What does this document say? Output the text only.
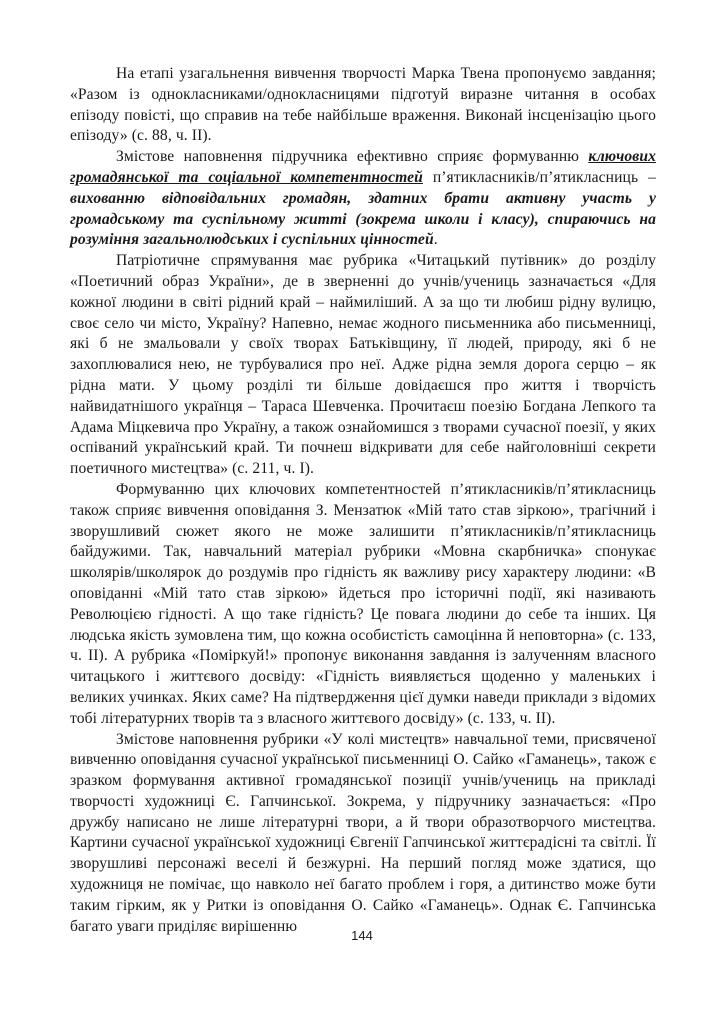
На етапі узагальнення вивчення творчості Марка Твена пропонуємо завдання; «Разом із однокласниками/однокласницями підготуй виразне читання в особах епізоду повісті, що справив на тебе найбільше враження. Виконай інсценізацію цього епізоду» (с. 88, ч. ІІ).

Змістове наповнення підручника ефективно сприяє формуванню ключових громадянської та соціальної компетентностей п’ятикласників/п’ятикласниць – вихованню відповідальних громадян, здатних брати активну участь у громадському та суспільному житті (зокрема школи і класу), спираючись на розуміння загальнолюдських і суспільних цінностей.

Патріотичне спрямування має рубрика «Читацький путівник» до розділу «Поетичний образ України», де в зверненні до учнів/учениць зазначається «Для кожної людини в світі рідний край – наймиліший. А за що ти любиш рідну вулицю, своє село чи місто, Україну? Напевно, немає жодного письменника або письменниці, які б не змальовали у своїх творах Батьківщину, її людей, природу, які б не захоплювалися нею, не турбувалися про неї. Адже рідна земля дорога серцю – як рідна мати. У цьому розділі ти більше довідаєшся про життя і творчість найвидатнішого українця – Тараса Шевченка. Прочитаєш поезію Богдана Лепкого та Адама Міцкевича про Україну, а також ознайомишся з творами сучасної поезії, у яких оспіваний український край. Ти почнеш відкривати для себе найголовніші секрети поетичного мистецтва» (с. 211, ч. І).

Формуванню цих ключових компетентностей п’ятикласників/п’ятикласниць також сприяє вивчення оповідання З. Мензатюк «Мій тато став зіркою», трагічний і зворушливий сюжет якого не може залишити п’ятикласників/п’ятикласниць байдужими. Так, навчальний матеріал рубрики «Мовна скарбничка» спонукає школярів/школярок до роздумів про гідність як важливу рису характеру людини: «В оповіданні «Мій тато став зіркою» йдеться про історичні події, які називають Революцією гідності. А що таке гідність? Це повага людини до себе та інших. Ця людська якість зумовлена тим, що кожна особистість самоцінна й неповторна» (с. 133, ч. ІІ). А рубрика «Поміркуй!» пропонує виконання завдання із залученням власного читацького і життєвого досвіду: «Гідність виявляється щоденно у маленьких і великих учинках. Яких саме? На підтвердження цієї думки наведи приклади з відомих тобі літературних творів та з власного життєвого досвіду» (с. 133, ч. ІІ).

Змістове наповнення рубрики «У колі мистецтв» навчальної теми, присвяченої вивченню оповідання сучасної української письменниці О. Сайко «Гаманець», також є зразком формування активної громадянської позиції учнів/учениць на прикладі творчості художниці Є. Гапчинської. Зокрема, у підручнику зазначається: «Про дружбу написано не лише літературні твори, а й твори образотворчого мистецтва. Картини сучасної української художниці Євгенії Гапчинської життєрадісні та світлі. Її зворушливі персонажі веселі й безжурні. На перший погляд може здатися, що художниця не помічає, що навколо неї багато проблем і горя, а дитинство може бути таким гірким, як у Ритки із оповідання О. Сайко «Гаманець». Однак Є. Гапчинська багато уваги приділяє вирішенню

144
